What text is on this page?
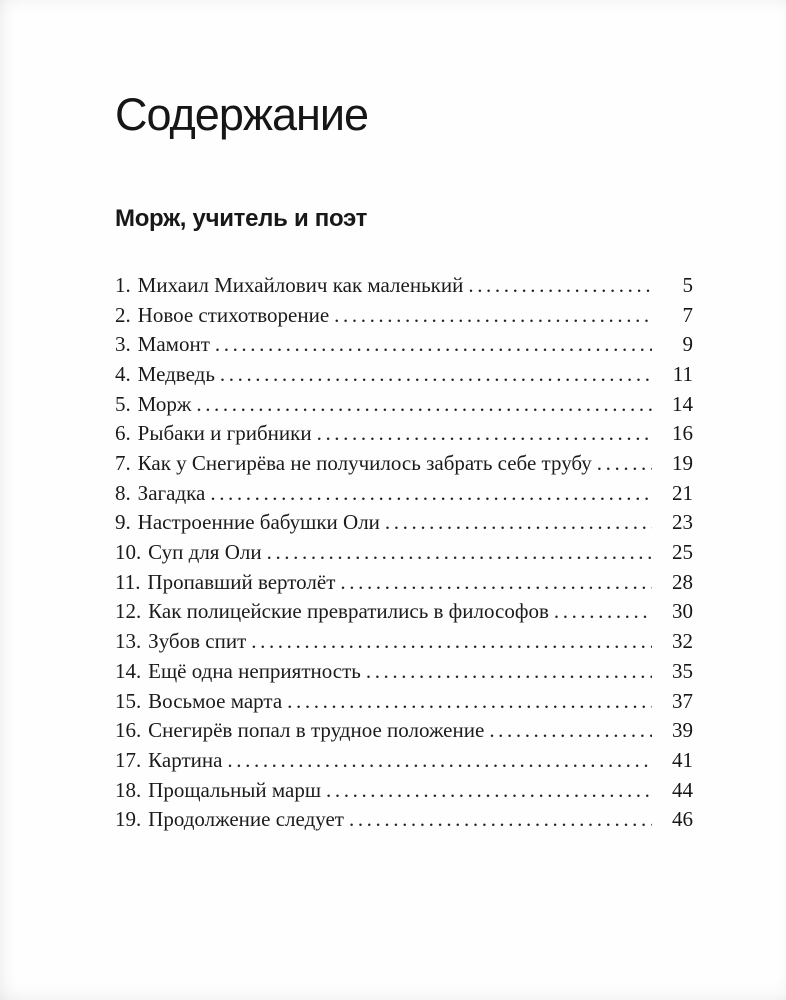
Содержание
Морж, учитель и поэт
1. Михаил Михайлович как маленький .....	5
2. Новое стихотворение .....	7
3. Мамонт .....	9
4. Медведь .....	11
5. Морж .....	14
6. Рыбаки и грибники .....	16
7. Как у Снегирёва не получилось забрать себе трубу .....	19
8. Загадка .....	21
9. Настроенние бабушки Оли .....	23
10. Суп для Оли .....	25
11. Пропавший вертолёт .....	28
12. Как полицейские превратились в философов .....	30
13. Зубов спит .....	32
14. Ещё одна неприятность .....	35
15. Восьмое марта .....	37
16. Снегирёв попал в трудное положение .....	39
17. Картина .....	41
18. Прощальный марш .....	44
19. Продолжение следует .....	46
